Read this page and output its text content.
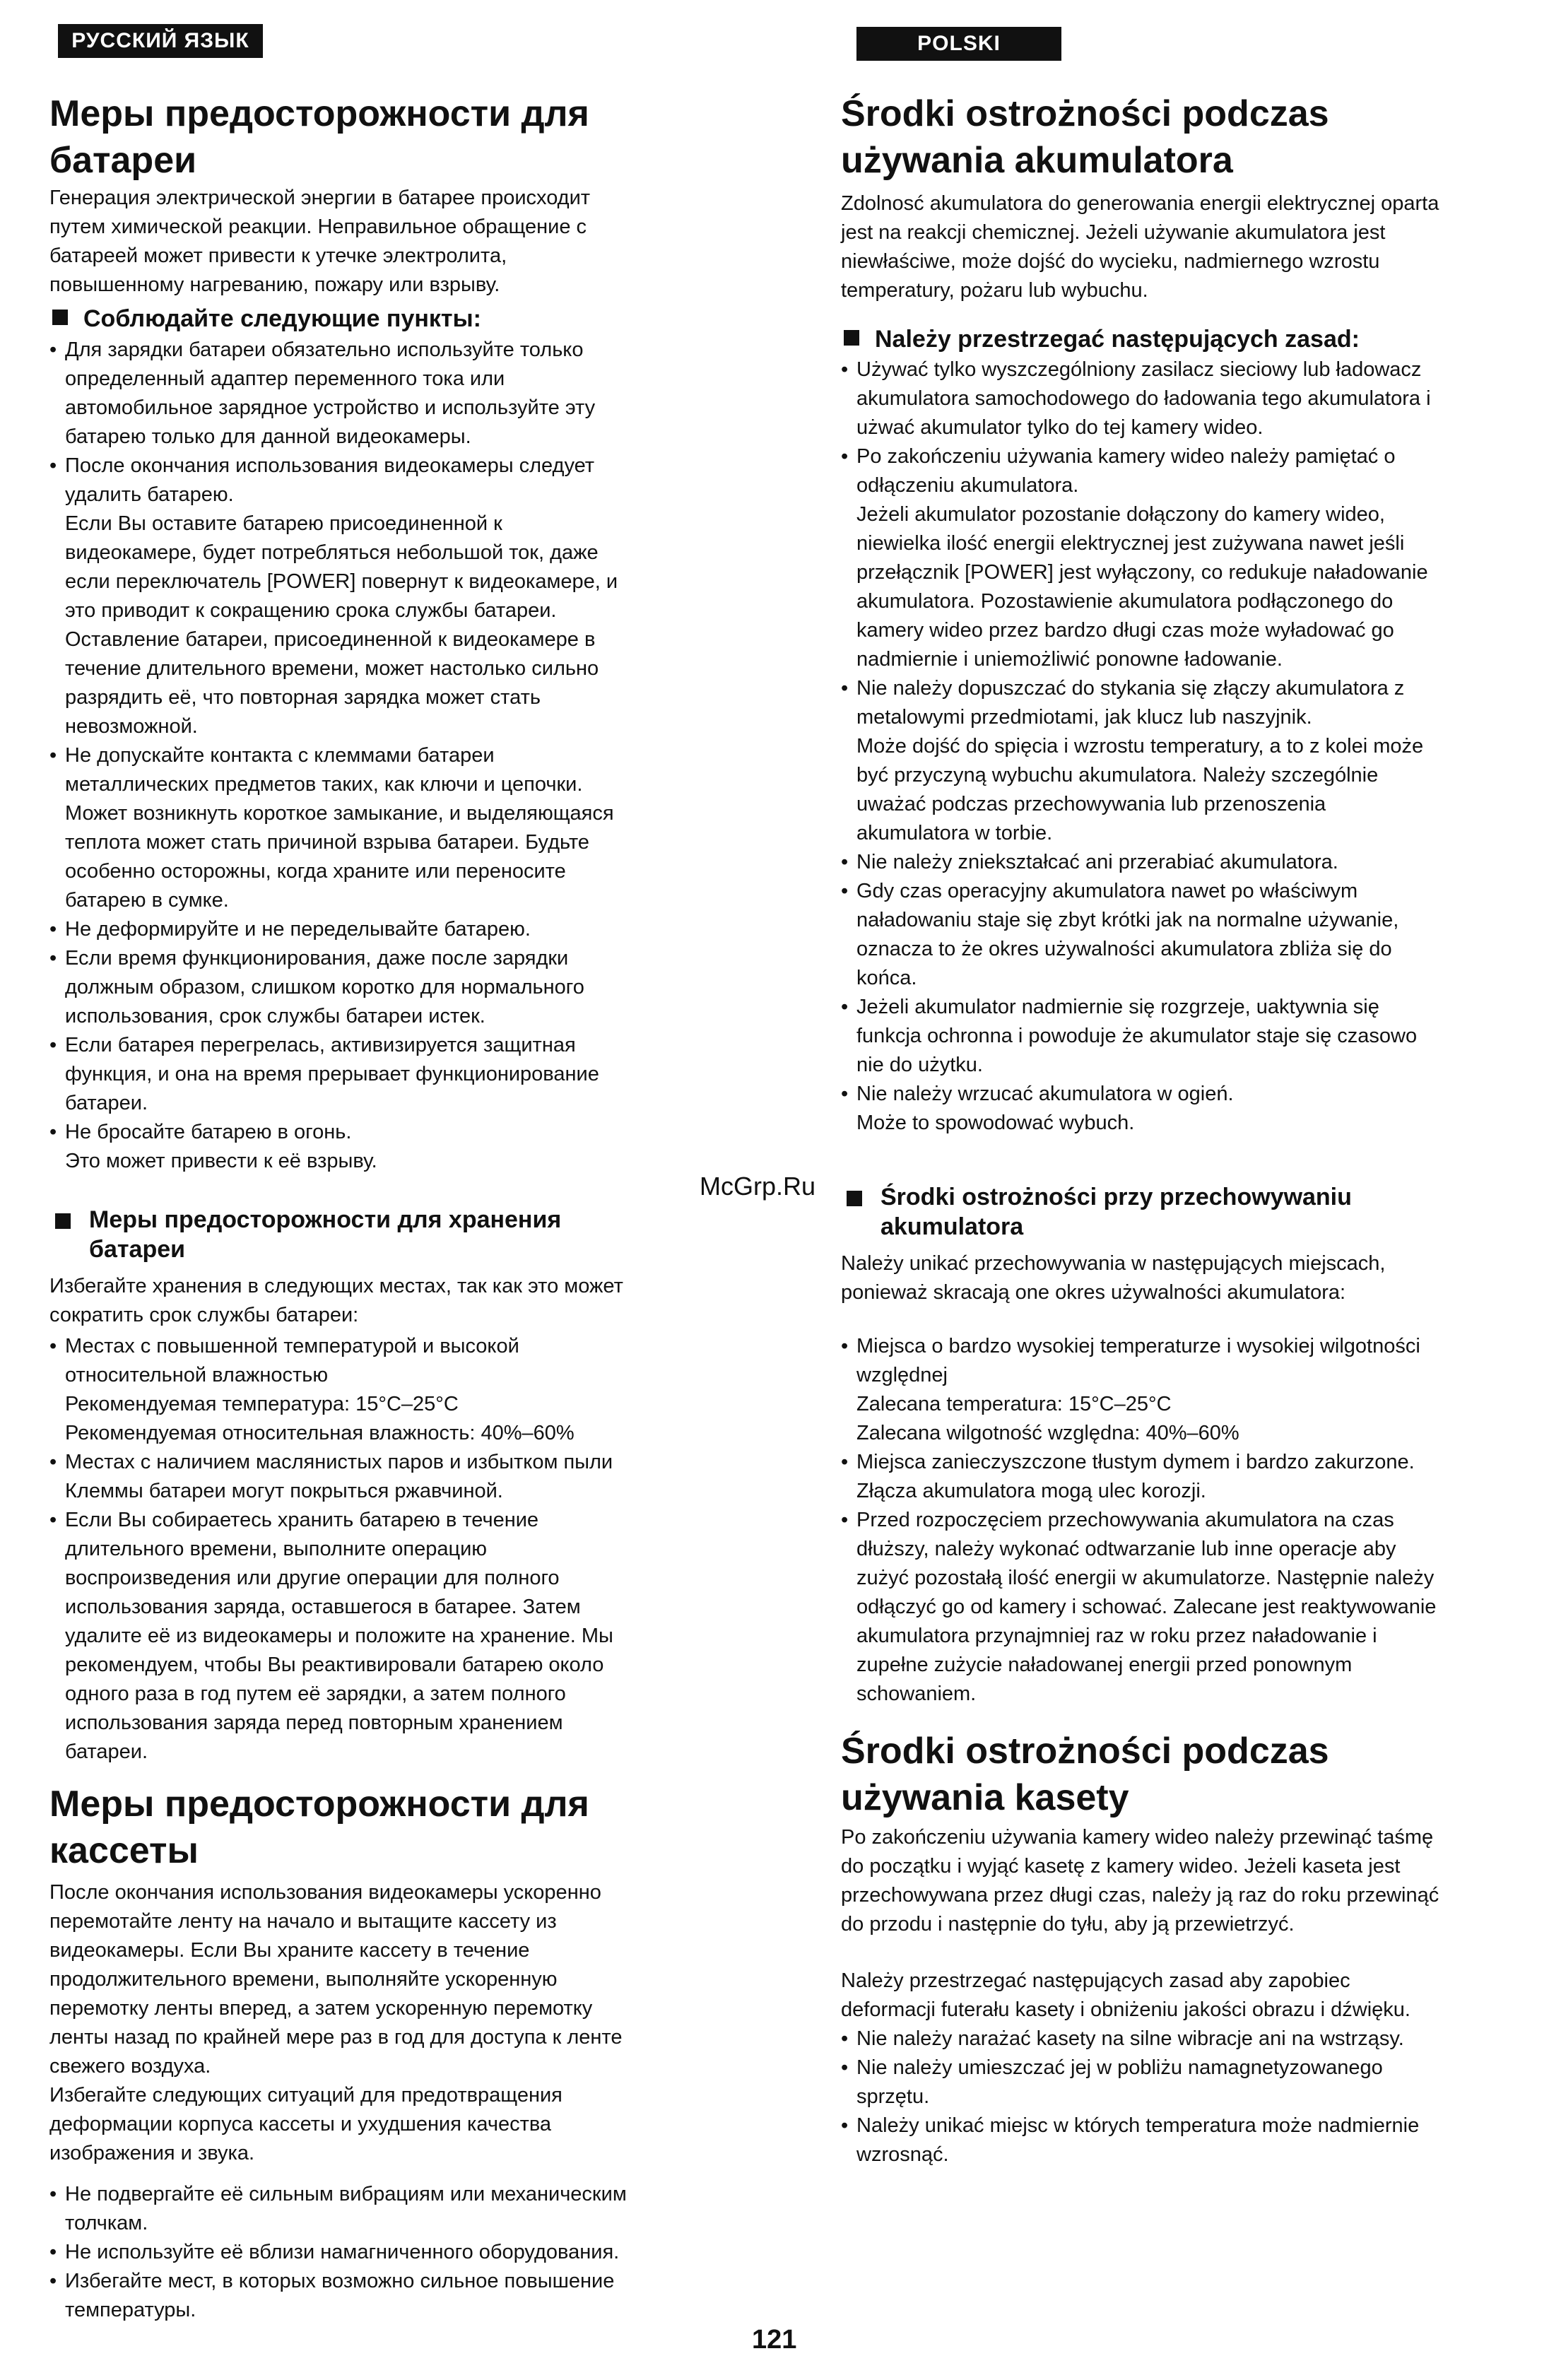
РУССКИЙ ЯЗЫК	POLSKI
Меры предосторожности для
батареи
Генерация электрической энергии в батарее происходит
путем химической реакции. Неправильное обращение с
батареей может привести к утечке электролита,
повышенному нагреванию, пожару или взрыву.
Соблюдайте следующие пункты:
• Для зарядки батареи обязательно используйте только
определенный адаптер переменного тока или
автомобильное зарядное устройство и используйте эту
батарею только для данной видеокамеры.
• После окончания использования видеокамеры следует
удалить батарею.
Если Вы оставите батарею присоединенной к
видеокамере, будет потребляться небольшой ток, даже
если переключатель [POWER] повернут к видеокамере, и
это приводит к сокращению срока службы батареи.
Оставление батареи, присоединенной к видеокамере в
течение длительного времени, может настолько сильно
разрядить её, что повторная зарядка может стать
невозможной.
• Не допускайте контакта с клеммами батареи
металлических предметов таких, как ключи и цепочки.
Может возникнуть короткое замыкание, и выделяющаяся
теплота может стать причиной взрыва батареи. Будьте
особенно осторожны, когда храните или переносите
батарею в сумке.
• Не деформируйте и не переделывайте батарею.
• Если время функционирования, даже после зарядки
должным образом, слишком коротко для нормального
использования, срок службы батареи истек.
• Если батарея перегрелась, активизируется защитная
функция, и она на время прерывает функционирование
батареи.
• Не бросайте батарею в огонь.
Это может привести к её взрыву.
Меры предосторожности для хранения
батареи
Избегайте хранения в следующих местах, так как это может
сократить срок службы батареи:
• Местах с повышенной температурой и высокой
относительной влажностью
Рекомендуемая температура: 15°C–25°C
Рекомендуемая относительная влажность: 40%–60%
• Местах с наличием маслянистых паров и избытком пыли
Клеммы батареи могут покрыться ржавчиной.
• Если Вы собираетесь хранить батарею в течение
длительного времени, выполните операцию
воспроизведения или другие операции для полного
использования заряда, оставшегося в батарее. Затем
удалите её из видеокамеры и положите на хранение. Мы
рекомендуем, чтобы Вы реактивировали батарею около
одного раза в год путем её зарядки, а затем полного
использования заряда перед повторным хранением
батареи.
Меры предосторожности для
кассеты
После окончания использования видеокамеры ускоренно
перемотайте ленту на начало и вытащите кассету из
видеокамеры. Если Вы храните кассету в течение
продолжительного времени, выполняйте ускоренную
перемотку ленты вперед, а затем ускоренную перемотку
ленты назад по крайней мере раз в год для доступа к ленте
свежего воздуха.
Избегайте следующих ситуаций для предотвращения
деформации корпуса кассеты и ухудшения качества
изображения и звука.
• Не подвергайте её сильным вибрациям или механическим
толчкам.
• Не используйте её вблизи намагниченного оборудования.
• Избегайте мест, в которых возможно сильное повышение
температуры.
Środki ostrożności podczas
używania akumulatora
Zdolnosć akumulatora do generowania energii elektrycznej oparta
jest na reakcji chemicznej. Jeżeli używanie akumulatora jest
niewłaściwe, może dojść do wycieku, nadmiernego wzrostu
temperatury, pożaru lub wybuchu.
Należy przestrzegać następujących zasad:
• Używać tylko wyszczególniony zasilacz sieciowy lub ładowacz
akumulatora samochodowego do ładowania tego akumulatora i
użwać akumulator tylko do tej kamery wideo.
• Po zakończeniu używania kamery wideo należy pamiętać o
odłączeniu akumulatora.
Jeżeli akumulator pozostanie dołączony do kamery wideo,
niewielka ilość energii elektrycznej jest zużywana nawet jeśli
przełącznik [POWER] jest wyłączony, co redukuje naładowanie
akumulatora. Pozostawienie akumulatora podłączonego do
kamery wideo przez bardzo długi czas może wyładować go
nadmiernie i uniemożliwić ponowne ładowanie.
• Nie należy dopuszczać do stykania się złączy akumulatora z
metalowymi przedmiotami, jak klucz lub naszyjnik.
Może dojść do spięcia i wzrostu temperatury, a to z kolei może
być przyczyną wybuchu akumulatora. Należy szczególnie
uważać podczas przechowywania lub przenoszenia
akumulatora w torbie.
• Nie należy zniekształcać ani przerabiać akumulatora.
• Gdy czas operacyjny akumulatora nawet po właściwym
naładowaniu staje się zbyt krótki jak na normalne używanie,
oznacza to że okres używalności akumulatora zbliża się do
końca.
• Jeżeli akumulator nadmiernie się rozgrzeje, uaktywnia się
funkcja ochronna i powoduje że akumulator staje się czasowo
nie do użytku.
• Nie należy wrzucać akumulatora w ogień.
Może to spowodować wybuch.
Środki ostrożności przy przechowywaniu
akumulatora
Należy unikać przechowywania w następujących miejscach,
ponieważ skracają one okres używalności akumulatora:
• Miejsca o bardzo wysokiej temperaturze i wysokiej wilgotności
względnej
Zalecana temperatura: 15°C–25°C
Zalecana wilgotność względna: 40%–60%
• Miejsca zanieczyszczone tłustym dymem i bardzo zakurzone.
Złącza akumulatora mogą ulec korozji.
• Przed rozpoczęciem przechowywania akumulatora na czas
dłuższy, należy wykonać odtwarzanie lub inne operacje aby
zużyć pozostałą ilość energii w akumulatorze. Następnie należy
odłączyć go od kamery i schować. Zalecane jest reaktywowanie
akumulatora przynajmniej raz w roku przez naładowanie i
zupełne zużycie naładowanej energii przed ponownym
schowaniem.
Środki ostrożności podczas
używania kasety
Po zakończeniu używania kamery wideo należy przewinąć taśmę
do początku i wyjąć kasetę z kamery wideo. Jeżeli kaseta jest
przechowywana przez długi czas, należy ją raz do roku przewinąć
do przodu i następnie do tyłu, aby ją przewietrzyć.
Należy przestrzegać następujących zasad aby zapobiec
deformacji futerału kasety i obniżeniu jakości obrazu i dźwięku.
• Nie należy narażać kasety na silne wibracje ani na wstrząsy.
• Nie należy umieszczać jej w pobliżu namagnetyzowanego
sprzętu.
• Należy unikać miejsc w których temperatura może nadmiernie
wzrosnąć.
McGrp.Ru
121
